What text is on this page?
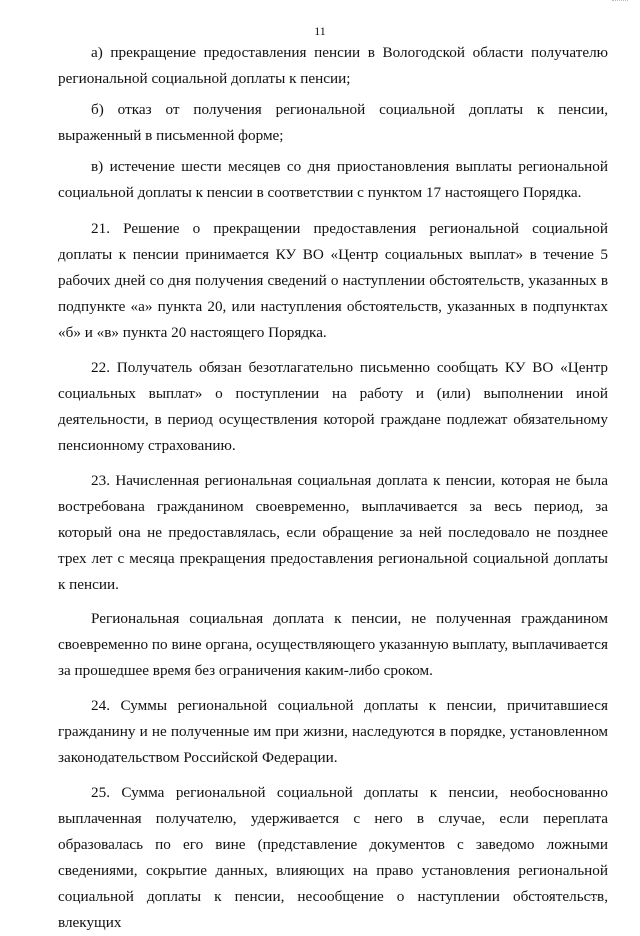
11

а) прекращение предоставления пенсии в Вологодской области получателю региональной социальной доплаты к пенсии;

б) отказ от получения региональной социальной доплаты к пенсии, выраженный в письменной форме;

в) истечение шести месяцев со дня приостановления выплаты региональной социальной доплаты к пенсии в соответствии с пунктом 17 настоящего Порядка.

21. Решение о прекращении предоставления региональной социальной доплаты к пенсии принимается КУ ВО «Центр социальных выплат» в течение 5 рабочих дней со дня получения сведений о наступлении обстоятельств, указанных в подпункте «а» пункта 20, или наступления обстоятельств, указанных в подпунктах «б» и «в» пункта 20 настоящего Порядка.

22. Получатель обязан безотлагательно письменно сообщать КУ ВО «Центр социальных выплат» о поступлении на работу и (или) выполнении иной деятельности, в период осуществления которой граждане подлежат обязательному пенсионному страхованию.

23. Начисленная региональная социальная доплата к пенсии, которая не была востребована гражданином своевременно, выплачивается за весь период, за который она не предоставлялась, если обращение за ней последовало не позднее трех лет с месяца прекращения предоставления региональной социальной доплаты к пенсии.

Региональная социальная доплата к пенсии, не полученная гражданином своевременно по вине органа, осуществляющего указанную выплату, выплачивается за прошедшее время без ограничения каким-либо сроком.

24. Суммы региональной социальной доплаты к пенсии, причитавшиеся гражданину и не полученные им при жизни, наследуются в порядке, установленном законодательством Российской Федерации.

25. Сумма региональной социальной доплаты к пенсии, необоснованно выплаченная получателю, удерживается с него в случае, если переплата образовалась по его вине (представление документов с заведомо ложными сведениями, сокрытие данных, влияющих на право установления региональной социальной доплаты к пенсии, несообщение о наступлении обстоятельств, влекущих
